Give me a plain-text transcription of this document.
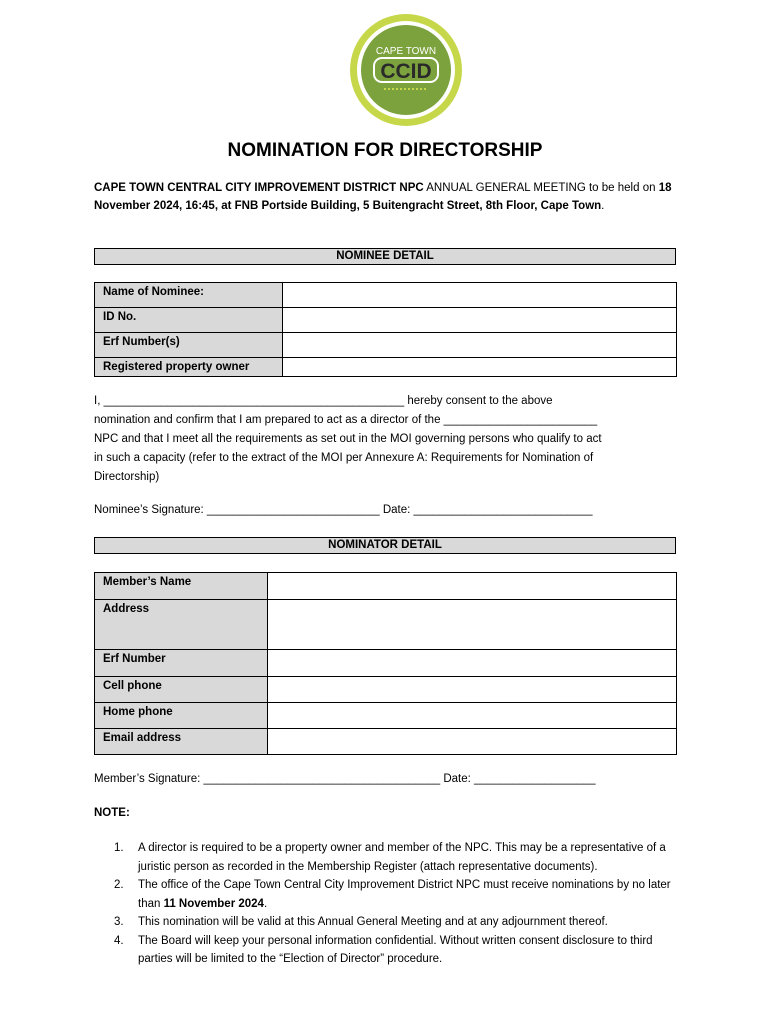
CAPE TOWN
CCID
NOMINATION FOR DIRECTORSHIP
CAPE TOWN CENTRAL CITY IMPROVEMENT DISTRICT NPC ANNUAL GENERAL MEETING to be held on 18 November 2024, 16:45, at FNB Portside Building, 5 Buitengracht Street, 8th Floor, Cape Town.
NOMINEE DETAIL
Name of Nominee:	

ID No.	

Erf Number(s)	

Registered property owner	

I, _______________________________________________ hereby consent to the above
nomination and confirm that I am prepared to act as a director of the ________________________
NPC and that I meet all the requirements as set out in the MOI governing persons who qualify to act
in such a capacity (refer to the extract of the MOI per Annexure A: Requirements for Nomination of
Directorship)
Nominee’s Signature: ___________________________ Date: ____________________________
NOMINATOR DETAIL
Member’s Name	

Address	

Erf Number	

Cell phone	

Home phone	

Email address	

Member’s Signature: _____________________________________ Date: ___________________
NOTE:
1. A director is required to be a property owner and member of the NPC. This may be a representative of a juristic person as recorded in the Membership Register (attach representative documents).
2. The office of the Cape Town Central City Improvement District NPC must receive nominations by no later than 11 November 2024.
3. This nomination will be valid at this Annual General Meeting and at any adjournment thereof.
4. The Board will keep your personal information confidential. Without written consent disclosure to third parties will be limited to the “Election of Director” procedure.
